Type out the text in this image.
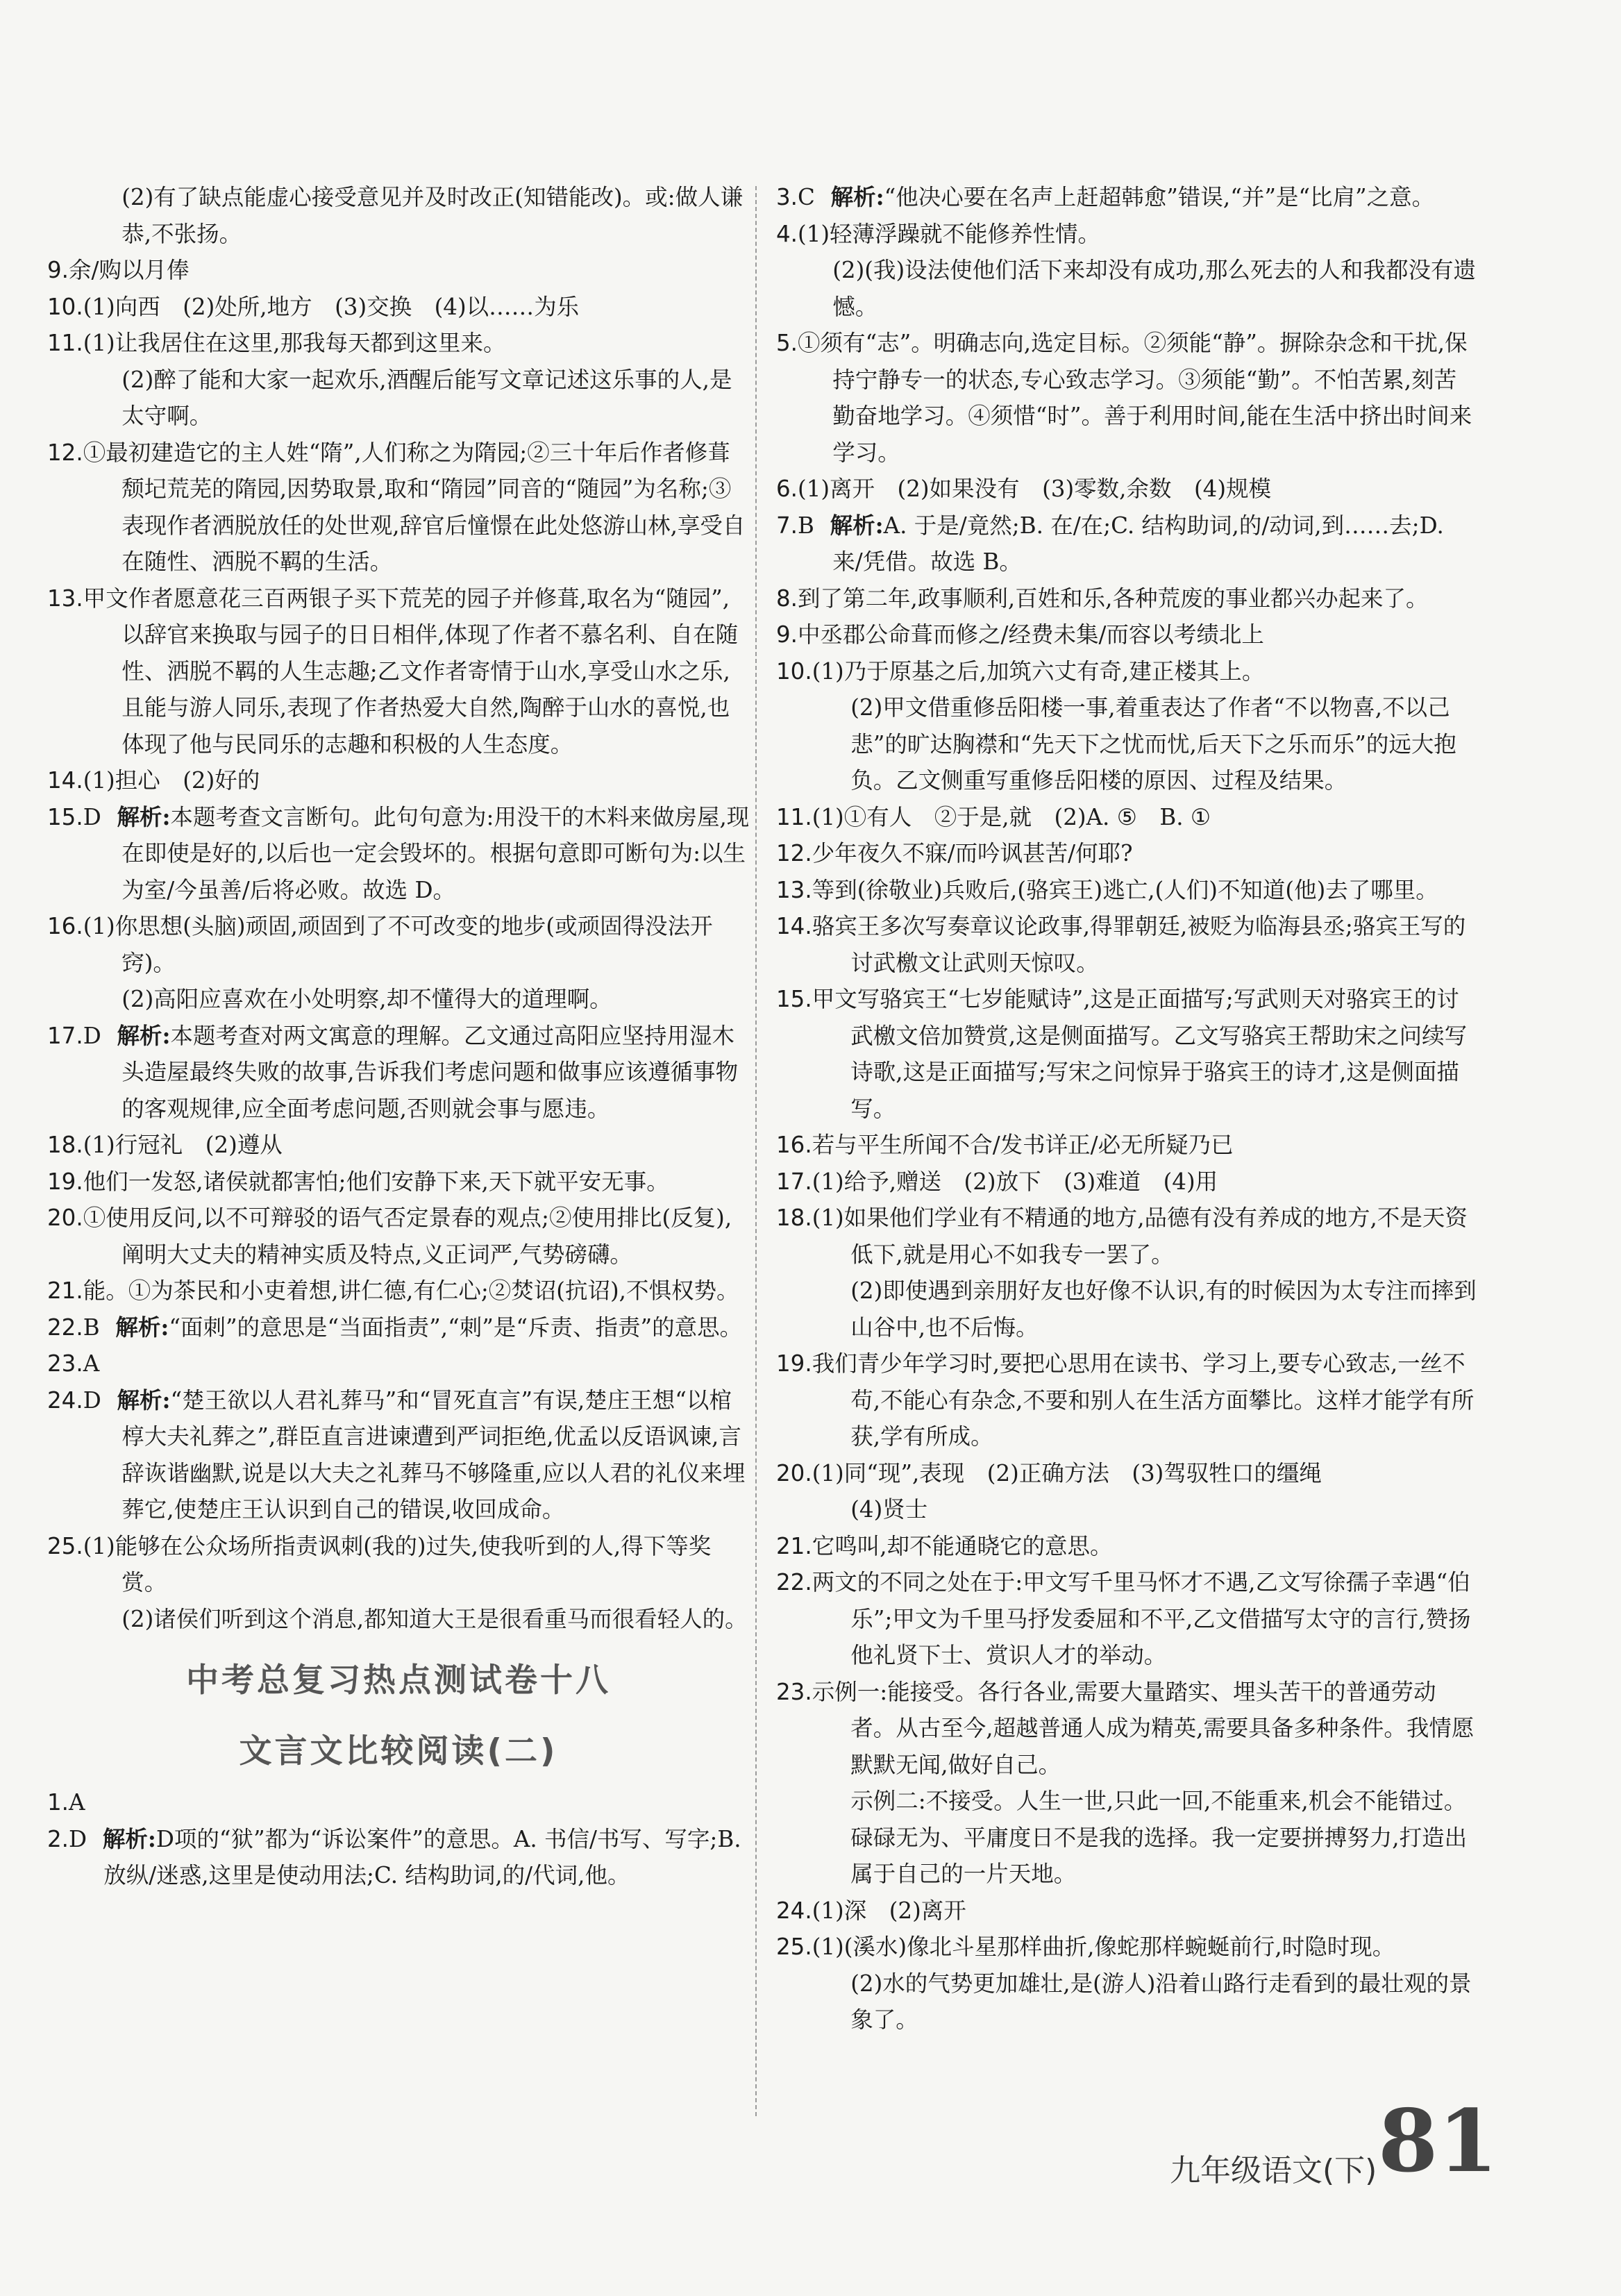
(2)有了缺点能虚心接受意见并及时改正(知错能改)。或:做人谦恭,不张扬。
9.余/购以月俸
10.(1)向西　(2)处所,地方　(3)交换　(4)以……为乐
11.(1)让我居住在这里,那我每天都到这里来。
(2)醉了能和大家一起欢乐,酒醒后能写文章记述这乐事的人,是太守啊。
12.①最初建造它的主人姓“隋”,人们称之为隋园;②三十年后作者修葺颓圮荒芜的隋园,因势取景,取和“隋园”同音的“随园”为名称;③表现作者洒脱放任的处世观,辞官后憧憬在此处悠游山林,享受自在随性、洒脱不羁的生活。
13.甲文作者愿意花三百两银子买下荒芜的园子并修葺,取名为“随园”,以辞官来换取与园子的日日相伴,体现了作者不慕名利、自在随性、洒脱不羁的人生志趣;乙文作者寄情于山水,享受山水之乐,且能与游人同乐,表现了作者热爱大自然,陶醉于山水的喜悦,也体现了他与民同乐的志趣和积极的人生态度。
14.(1)担心　(2)好的
15.D 解析:本题考查文言断句。此句句意为:用没干的木料来做房屋,现在即使是好的,以后也一定会毁坏的。根据句意即可断句为:以生为室/今虽善/后将必败。故选 D。
16.(1)你思想(头脑)顽固,顽固到了不可改变的地步(或顽固得没法开窍)。
(2)高阳应喜欢在小处明察,却不懂得大的道理啊。
17.D 解析:本题考查对两文寓意的理解。乙文通过高阳应坚持用湿木头造屋最终失败的故事,告诉我们考虑问题和做事应该遵循事物的客观规律,应全面考虑问题,否则就会事与愿违。
18.(1)行冠礼　(2)遵从
19.他们一发怒,诸侯就都害怕;他们安静下来,天下就平安无事。
20.①使用反问,以不可辩驳的语气否定景春的观点;②使用排比(反复),阐明大丈夫的精神实质及特点,义正词严,气势磅礴。
21.能。①为茶民和小吏着想,讲仁德,有仁心;②焚诏(抗诏),不惧权势。
22.B 解析:“面刺”的意思是“当面指责”,“刺”是“斥责、指责”的意思。
23.A
24.D 解析:“楚王欲以人君礼葬马”和“冒死直言”有误,楚庄王想“以棺椁大夫礼葬之”,群臣直言进谏遭到严词拒绝,优孟以反语讽谏,言辞诙谐幽默,说是以大夫之礼葬马不够隆重,应以人君的礼仪来埋葬它,使楚庄王认识到自己的错误,收回成命。
25.(1)能够在公众场所指责讽刺(我的)过失,使我听到的人,得下等奖赏。
(2)诸侯们听到这个消息,都知道大王是很看重马而很看轻人的。
中考总复习热点测试卷十八
文言文比较阅读(二)
1.A
2.D 解析:D项的“狱”都为“诉讼案件”的意思。A. 书信/书写、写字;B. 放纵/迷惑,这里是使动用法;C. 结构助词,的/代词,他。
3.C 解析:“他决心要在名声上赶超韩愈”错误,“并”是“比肩”之意。
4.(1)轻薄浮躁就不能修养性情。
(2)(我)设法使他们活下来却没有成功,那么死去的人和我都没有遗憾。
5.①须有“志”。明确志向,选定目标。②须能“静”。摒除杂念和干扰,保持宁静专一的状态,专心致志学习。③须能“勤”。不怕苦累,刻苦勤奋地学习。④须惜“时”。善于利用时间,能在生活中挤出时间来学习。
6.(1)离开　(2)如果没有　(3)零数,余数　(4)规模
7.B 解析:A. 于是/竟然;B. 在/在;C. 结构助词,的/动词,到……去;D. 来/凭借。故选 B。
8.到了第二年,政事顺利,百姓和乐,各种荒废的事业都兴办起来了。
9.中丞郡公命葺而修之/经费未集/而容以考绩北上
10.(1)乃于原基之后,加筑六丈有奇,建正楼其上。
(2)甲文借重修岳阳楼一事,着重表达了作者“不以物喜,不以己悲”的旷达胸襟和“先天下之忧而忧,后天下之乐而乐”的远大抱负。乙文侧重写重修岳阳楼的原因、过程及结果。
11.(1)①有人　②于是,就　(2)A. ⑤　B. ①
12.少年夜久不寐/而吟讽甚苦/何耶?
13.等到(徐敬业)兵败后,(骆宾王)逃亡,(人们)不知道(他)去了哪里。
14.骆宾王多次写奏章议论政事,得罪朝廷,被贬为临海县丞;骆宾王写的讨武檄文让武则天惊叹。
15.甲文写骆宾王“七岁能赋诗”,这是正面描写;写武则天对骆宾王的讨武檄文倍加赞赏,这是侧面描写。乙文写骆宾王帮助宋之问续写诗歌,这是正面描写;写宋之问惊异于骆宾王的诗才,这是侧面描写。
16.若与平生所闻不合/发书详正/必无所疑乃已
17.(1)给予,赠送　(2)放下　(3)难道　(4)用
18.(1)如果他们学业有不精通的地方,品德有没有养成的地方,不是天资低下,就是用心不如我专一罢了。
(2)即使遇到亲朋好友也好像不认识,有的时候因为太专注而摔到山谷中,也不后悔。
19.我们青少年学习时,要把心思用在读书、学习上,要专心致志,一丝不苟,不能心有杂念,不要和别人在生活方面攀比。这样才能学有所获,学有所成。
20.(1)同“现”,表现　(2)正确方法　(3)驾驭牲口的缰绳
(4)贤士
21.它鸣叫,却不能通晓它的意思。
22.两文的不同之处在于:甲文写千里马怀才不遇,乙文写徐孺子幸遇“伯乐”;甲文为千里马抒发委屈和不平,乙文借描写太守的言行,赞扬他礼贤下士、赏识人才的举动。
23.示例一:能接受。各行各业,需要大量踏实、埋头苦干的普通劳动者。从古至今,超越普通人成为精英,需要具备多种条件。我情愿默默无闻,做好自己。
示例二:不接受。人生一世,只此一回,不能重来,机会不能错过。碌碌无为、平庸度日不是我的选择。我一定要拼搏努力,打造出属于自己的一片天地。
24.(1)深　(2)离开
25.(1)(溪水)像北斗星那样曲折,像蛇那样蜿蜒前行,时隐时现。
(2)水的气势更加雄壮,是(游人)沿着山路行走看到的最壮观的景象了。
九年级语文(下) 81
